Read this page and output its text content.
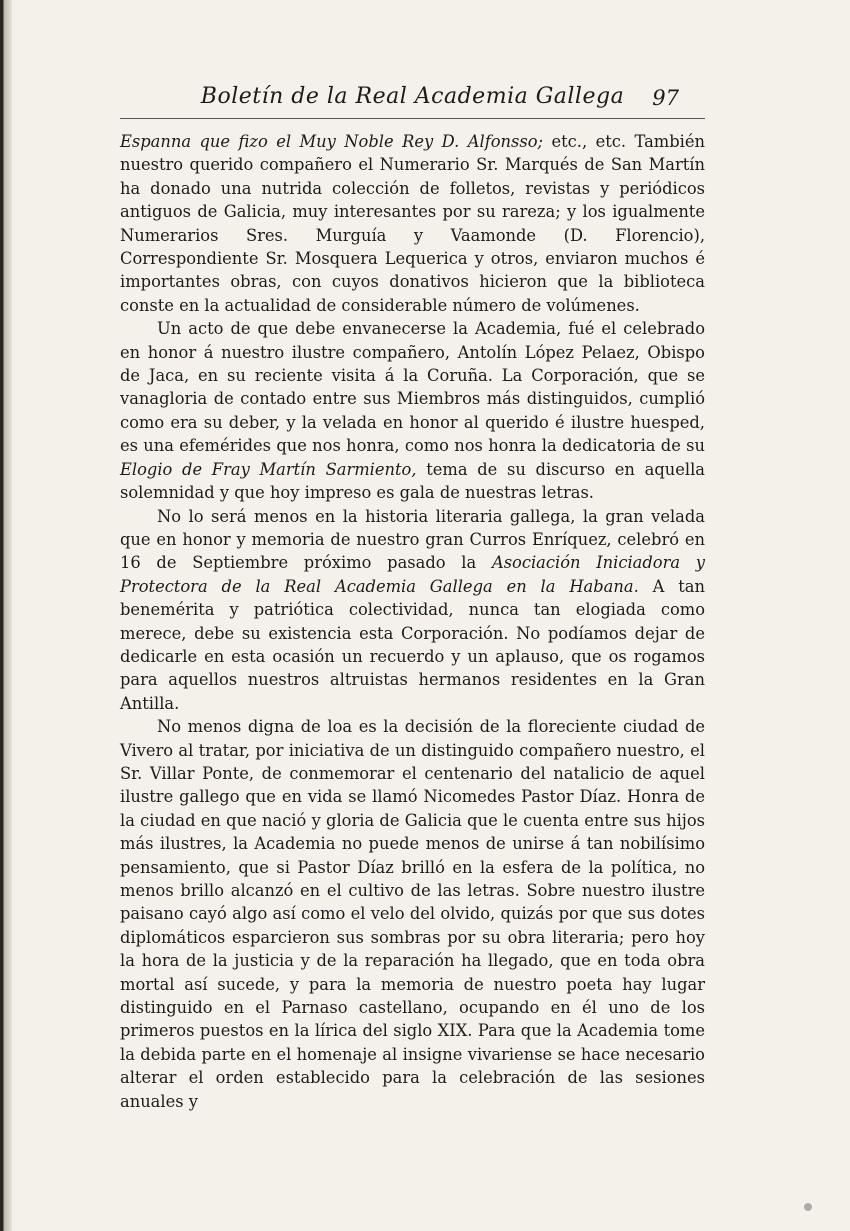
Boletín de la Real Academia Gallega	97

Espanna que fizo el Muy Noble Rey D. Alfonsso; etc., etc. También nuestro querido compañero el Numerario Sr. Marqués de San Martín ha donado una nutrida colección de folletos, revistas y periódicos antiguos de Galicia, muy interesantes por su rareza; y los igualmente Numerarios Sres. Murguía y Vaamonde (D. Florencio), Correspondiente Sr. Mosquera Lequerica y otros, enviaron muchos é importantes obras, con cuyos donativos hicieron que la biblioteca conste en la actualidad de considerable número de volúmenes.

Un acto de que debe envanecerse la Academia, fué el celebrado en honor á nuestro ilustre compañero, Antolín López Pelaez, Obispo de Jaca, en su reciente visita á la Coruña. La Corporación, que se vanagloria de contado entre sus Miembros más distinguidos, cumplió como era su deber, y la velada en honor al querido é ilustre huesped, es una efemérides que nos honra, como nos honra la dedicatoria de su Elogio de Fray Martín Sarmiento, tema de su discurso en aquella solemnidad y que hoy impreso es gala de nuestras letras.

No lo será menos en la historia literaria gallega, la gran velada que en honor y memoria de nuestro gran Curros Enríquez, celebró en 16 de Septiembre próximo pasado la Asociación Iniciadora y Protectora de la Real Academia Gallega en la Habana. A tan benemérita y patriótica colectividad, nunca tan elogiada como merece, debe su existencia esta Corporación. No podíamos dejar de dedicarle en esta ocasión un recuerdo y un aplauso, que os rogamos para aquellos nuestros altruistas hermanos residentes en la Gran Antilla.

No menos digna de loa es la decisión de la floreciente ciudad de Vivero al tratar, por iniciativa de un distinguido compañero nuestro, el Sr. Villar Ponte, de conmemorar el centenario del natalicio de aquel ilustre gallego que en vida se llamó Nicomedes Pastor Díaz. Honra de la ciudad en que nació y gloria de Galicia que le cuenta entre sus hijos más ilustres, la Academia no puede menos de unirse á tan nobilísimo pensamiento, que si Pastor Díaz brilló en la esfera de la política, no menos brillo alcanzó en el cultivo de las letras. Sobre nuestro ilustre paisano cayó algo así como el velo del olvido, quizás por que sus dotes diplomáticos esparcieron sus sombras por su obra literaria; pero hoy la hora de la justicia y de la reparación ha llegado, que en toda obra mortal así sucede, y para la memoria de nuestro poeta hay lugar distinguido en el Parnaso castellano, ocupando en él uno de los primeros puestos en la lírica del siglo XIX. Para que la Academia tome la debida parte en el homenaje al insigne vivariense se hace necesario alterar el orden establecido para la celebración de las sesiones anuales y
